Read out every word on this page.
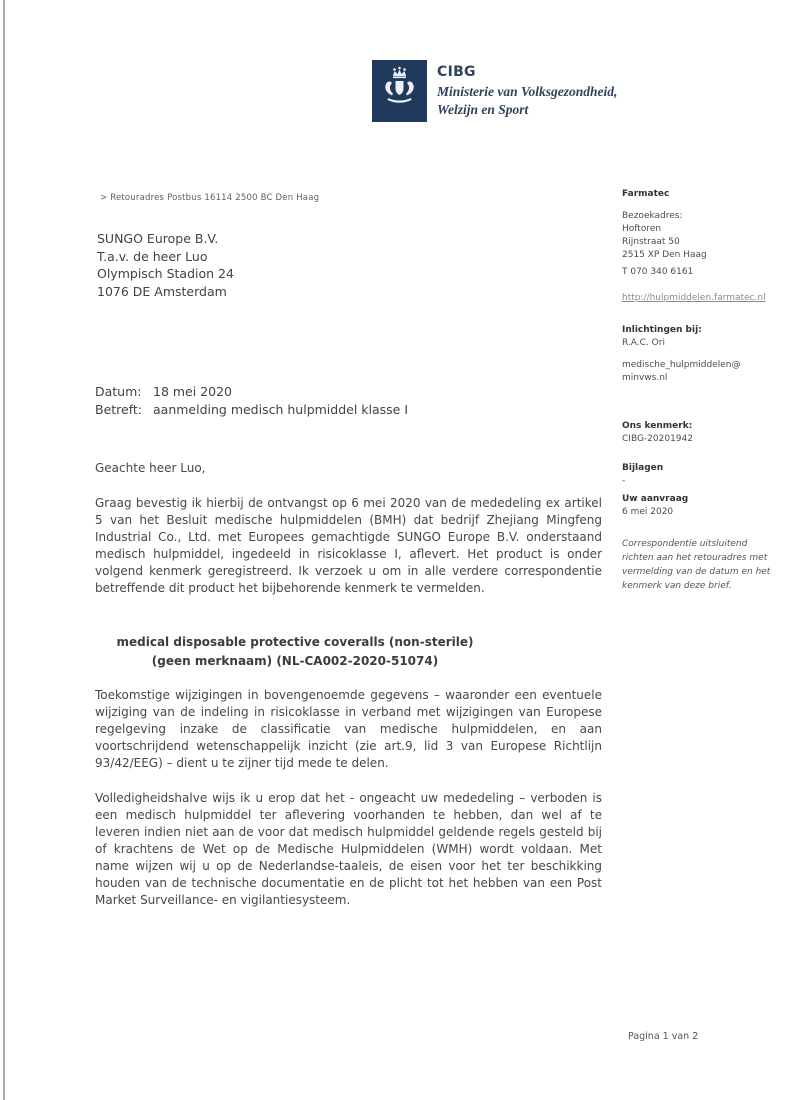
CIBG
Ministerie van Volksgezondheid,
Welzijn en Sport
> Retouradres Postbus 16114 2500 BC Den Haag
SUNGO Europe B.V.
T.a.v. de heer Luo
Olympisch Stadion 24
1076 DE Amsterdam
Datum: 18 mei 2020
Betreft: aanmelding medisch hulpmiddel klasse I
Geachte heer Luo,
Graag bevestig ik hierbij de ontvangst op 6 mei 2020 van de mededeling ex artikel 5 van het Besluit medische hulpmiddelen (BMH) dat bedrijf Zhejiang Mingfeng Industrial Co., Ltd. met Europees gemachtigde SUNGO Europe B.V. onderstaand medisch hulpmiddel, ingedeeld in risicoklasse I, aflevert. Het product is onder volgend kenmerk geregistreerd. Ik verzoek u om in alle verdere correspondentie betreffende dit product het bijbehorende kenmerk te vermelden.
medical disposable protective coveralls (non-sterile)
(geen merknaam) (NL-CA002-2020-51074)
Toekomstige wijzigingen in bovengenoemde gegevens – waaronder een eventuele wijziging van de indeling in risicoklasse in verband met wijzigingen van Europese regelgeving inzake de classificatie van medische hulpmiddelen, en aan voortschrijdend wetenschappelijk inzicht (zie art.9, lid 3 van Europese Richtlijn 93/42/EEG) – dient u te zijner tijd mede te delen.
Volledigheidshalve wijs ik u erop dat het - ongeacht uw mededeling – verboden is een medisch hulpmiddel ter aflevering voorhanden te hebben, dan wel af te leveren indien niet aan de voor dat medisch hulpmiddel geldende regels gesteld bij of krachtens de Wet op de Medische Hulpmiddelen (WMH) wordt voldaan. Met name wijzen wij u op de Nederlandse-taaleis, de eisen voor het ter beschikking houden van de technische documentatie en de plicht tot het hebben van een Post Market Surveillance- en vigilantiesysteem.
Farmatec
Bezoekadres:
Hoftoren
Rijnstraat 50
2515 XP Den Haag
T 070 340 6161
http://hulpmiddelen.farmatec.nl
Inlichtingen bij:
R.A.C. Ori
medische_hulpmiddelen@
minvws.nl
Ons kenmerk:
CIBG-20201942
Bijlagen
-
Uw aanvraag
6 mei 2020
Correspondentie uitsluitend richten aan het retouradres met vermelding van de datum en het kenmerk van deze brief.
Pagina 1 van 2
